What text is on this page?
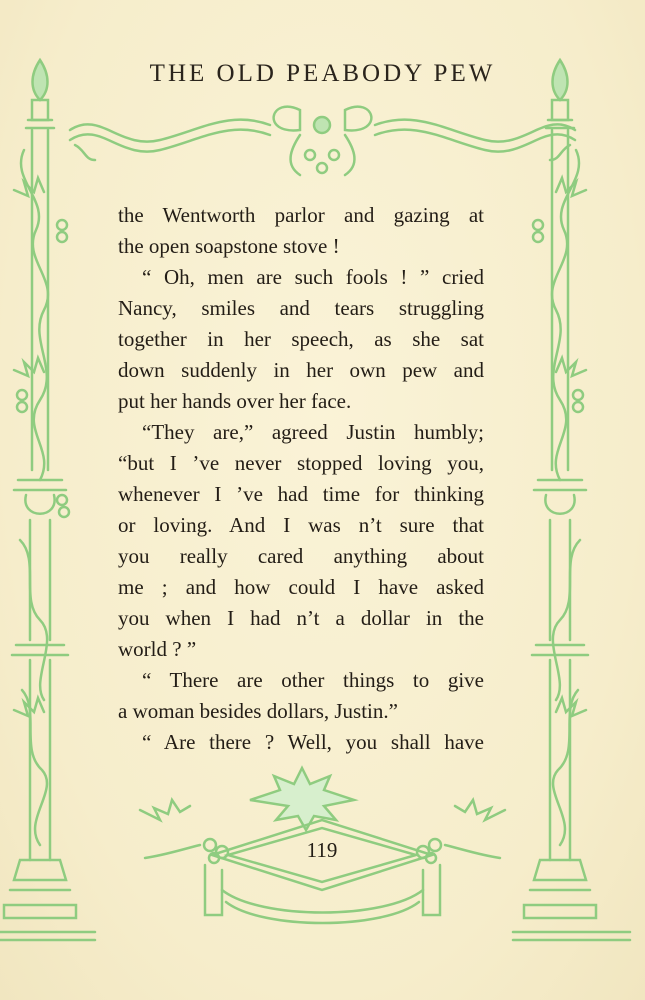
THE OLD PEABODY PEW
the Wentworth parlor and gazing at
the open soapstone stove !
“ Oh, men are such fools ! ” cried
Nancy, smiles and tears struggling
together in her speech, as she sat
down suddenly in her own pew and
put her hands over her face.
“They are,” agreed Justin humbly;
“but I ’ve never stopped loving you,
whenever I ’ve had time for thinking
or loving. And I was n’t sure that
you really cared anything about
me ; and how could I have asked
you when I had n’t a dollar in the
world ? ”
“ There are other things to give
a woman besides dollars, Justin.”
“ Are there ? Well, you shall have
119
